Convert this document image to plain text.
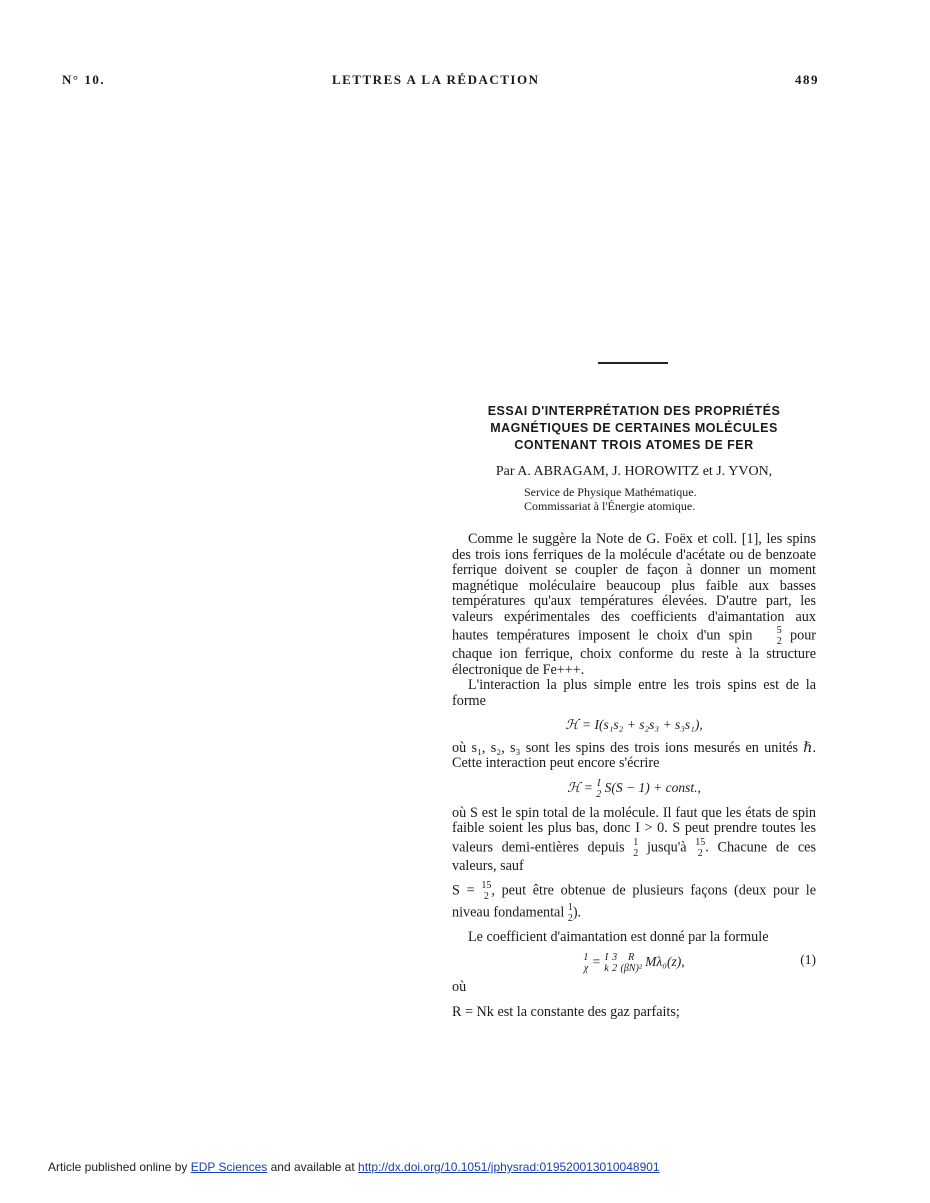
N° 10.	LETTRES A LA RÉDACTION	489
ESSAI D'INTERPRÉTATION DES PROPRIÉTÉS
MAGNÉTIQUES DE CERTAINES MOLÉCULES
CONTENANT TROIS ATOMES DE FER
Par A. ABRAGAM, J. HOROWITZ et J. YVON,
Service de Physique Mathématique.
Commissariat à l'Énergie atomique.

Comme le suggère la Note de G. Foëx et coll. [1], les spins des trois ions ferriques de la molécule d'acétate ou de benzoate ferrique doivent se coupler de façon à donner un moment magnétique moléculaire beaucoup plus faible aux basses températures qu'aux températures élevées. D'autre part, les valeurs expérimentales des coefficients d'aimantation aux hautes températures imposent le choix d'un spin	5
2 pour chaque ion ferrique, choix conforme du reste à la structure électronique de Fe+++.

L'interaction la plus simple entre les trois spins est de la forme

ℋ = I(s₁s₂ + s₂s₃ + s₃s₁),

où s₁, s₂, s₃ sont les spins des trois ions mesurés en unités ℏ. Cette interaction peut encore s'écrire

ℋ = I
2 S(S − 1) + const.,

où S est le spin total de la molécule. Il faut que les états de spin faible soient les plus bas, donc I > 0. S peut prendre toutes les valeurs demi-entières depuis 1
2 jusqu'à 15
2 . Chacune de ces valeurs, sauf

S = 15
2 , peut être obtenue de plusieurs façons (deux pour le niveau fondamental 1
2 ).

Le coefficient d'aimantation est donné par la formule

1
χ = I
k

3
2

R
(βN)² Mλ₀(z),	(1)

où

R = Nk est la constante des gaz parfaits;

Article published online by EDP Sciences and available at http://dx.doi.org/10.1051/jphysrad:019520013010048901
